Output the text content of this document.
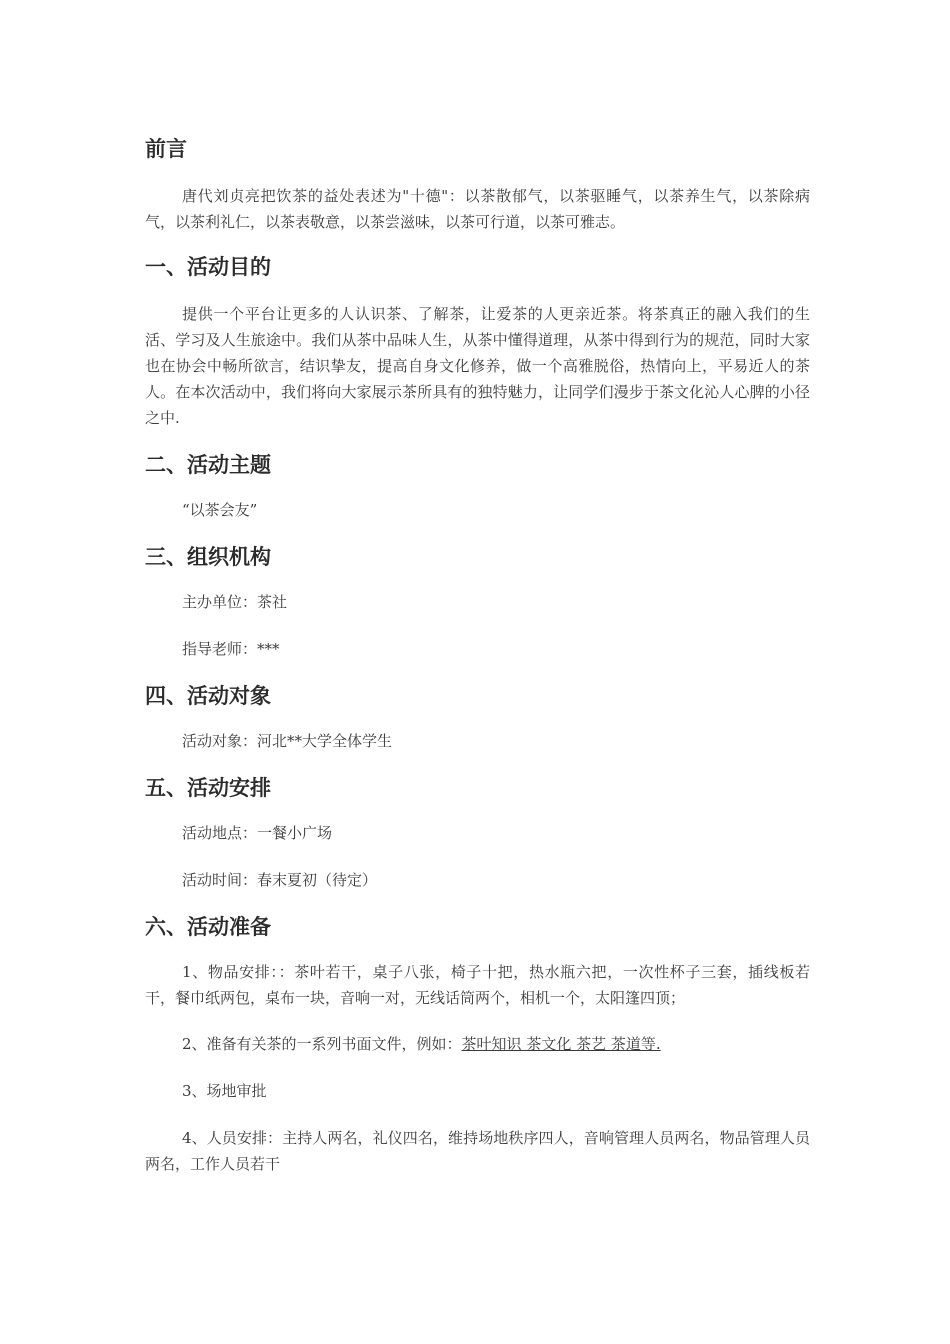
前言

唐代刘贞亮把饮茶的益处表述为"十德"：以茶散郁气，以茶驱睡气，以茶养生气，以茶除病气，以茶利礼仁，以茶表敬意，以茶尝滋味，以茶可行道，以茶可雅志。

一、活动目的

提供一个平台让更多的人认识茶、了解茶，让爱茶的人更亲近茶。将茶真正的融入我们的生活、学习及人生旅途中。我们从茶中品味人生，从茶中懂得道理，从茶中得到行为的规范，同时大家也在协会中畅所欲言，结识挚友，提高自身文化修养，做一个高雅脱俗，热情向上，平易近人的茶人。在本次活动中，我们将向大家展示茶所具有的独特魅力，让同学们漫步于茶文化沁人心脾的小径之中.

二、活动主题

“以茶会友”

三、组织机构

主办单位：茶社

指导老师：***

四、活动对象

活动对象：河北**大学全体学生

五、活动安排

活动地点：一餐小广场

活动时间：春末夏初（待定）

六、活动准备

1、物品安排：：茶叶若干，桌子八张，椅子十把，热水瓶六把，一次性杯子三套，插线板若干，餐巾纸两包，桌布一块，音响一对，无线话筒两个，相机一个，太阳篷四顶；

2、准备有关茶的一系列书面文件，例如：茶叶知识 茶文化 茶艺 茶道等.

3、场地审批

4、人员安排：主持人两名，礼仪四名，维持场地秩序四人，音响管理人员两名，物品管理人员两名，工作人员若干
